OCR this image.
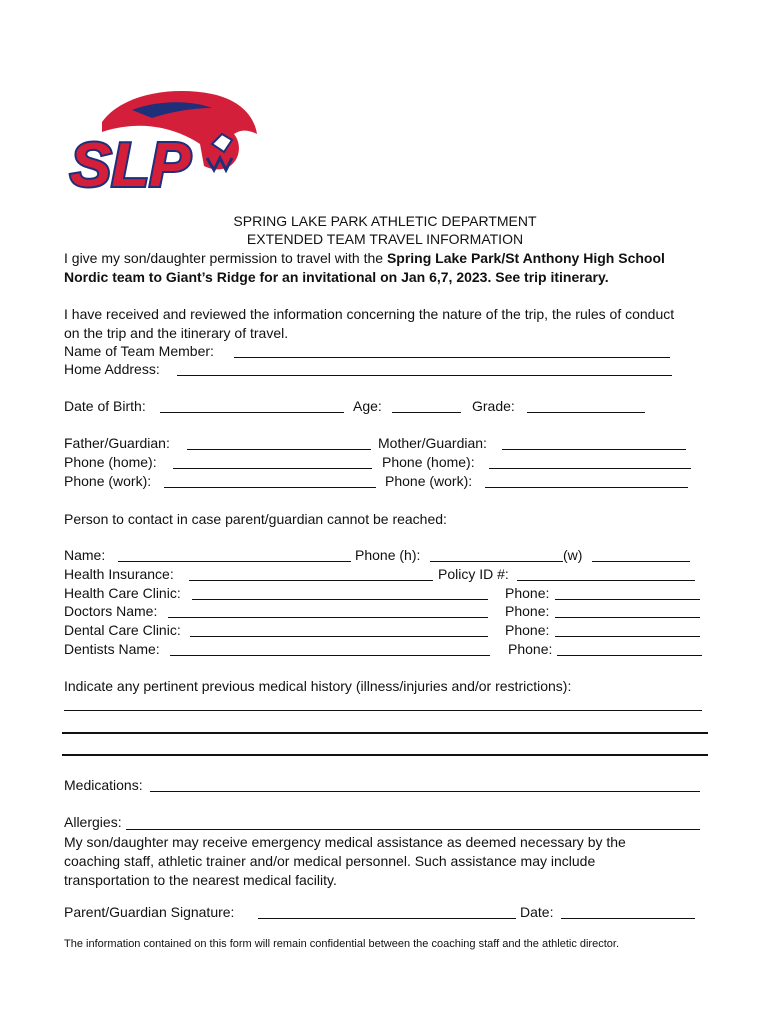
SLP
SPRING LAKE PARK ATHLETIC DEPARTMENT
EXTENDED TEAM TRAVEL INFORMATION
I give my son/daughter permission to travel with the Spring Lake Park/St Anthony High School Nordic team to Giant’s Ridge for an invitational on Jan 6,7, 2023. See trip itinerary.
I have received and reviewed the information concerning the nature of the trip, the rules of conduct on the trip and the itinerary of travel.
Name of Team Member:
Home Address:
Date of Birth:	Age:	Grade:
Father/Guardian:	Mother/Guardian:
Phone (home):	Phone (home):
Phone (work):	Phone (work):
Person to contact in case parent/guardian cannot be reached:
Name:	Phone (h):	(w)
Health Insurance:	Policy ID #:
Health Care Clinic:	Phone:
Doctors Name:	Phone:
Dental Care Clinic:	Phone:
Dentists Name:	Phone:
Indicate any pertinent previous medical history (illness/injuries and/or restrictions):
Medications:
Allergies:
My son/daughter may receive emergency medical assistance as deemed necessary by the coaching staff, athletic trainer and/or medical personnel. Such assistance may include transportation to the nearest medical facility.
Parent/Guardian Signature:	Date:
The information contained on this form will remain confidential between the coaching staff and the athletic director.
